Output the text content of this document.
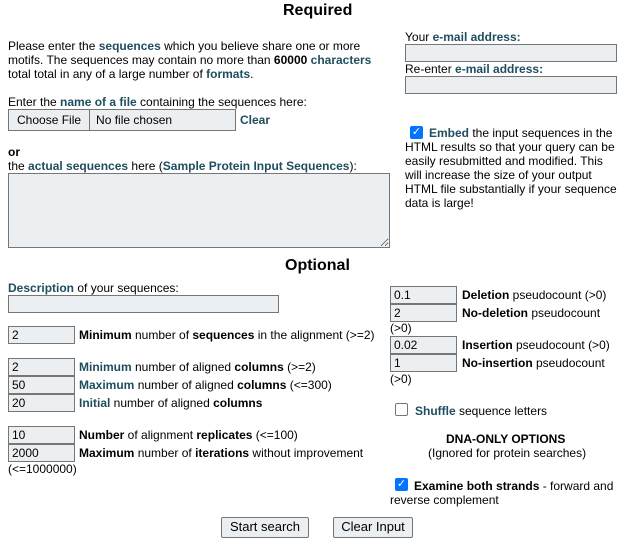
Required
Please enter the sequences which you believe share one or more motifs. The sequences may contain no more than 60000 characters total total in any of a large number of formats.
Enter the name of a file containing the sequences here:
Choose File	No file chosen	Clear
or
the actual sequences here (Sample Protein Input Sequences):
Your e-mail address:
Re-enter e-mail address:
✓ Embed the input sequences in the HTML results so that your query can be easily resubmitted and modified. This will increase the size of your output HTML file substantially if your sequence data is large!
Optional
Description of your sequences:
2	Minimum number of sequences in the alignment (>=2)
2	Minimum number of aligned columns (>=2)
50	Maximum number of aligned columns (<=300)
20	Initial number of aligned columns
10	Number of alignment replicates (<=100)
2000	Maximum number of iterations without improvement
(<=1000000)
0.1	Deletion pseudocount (>0)
2	No-deletion pseudocount
(>0)
0.02	Insertion pseudocount (>0)
1	No-insertion pseudocount
(>0)
Shuffle sequence letters
DNA-ONLY OPTIONS
(Ignored for protein searches)
✓ Examine both strands - forward and reverse complement
Start search	Clear Input
